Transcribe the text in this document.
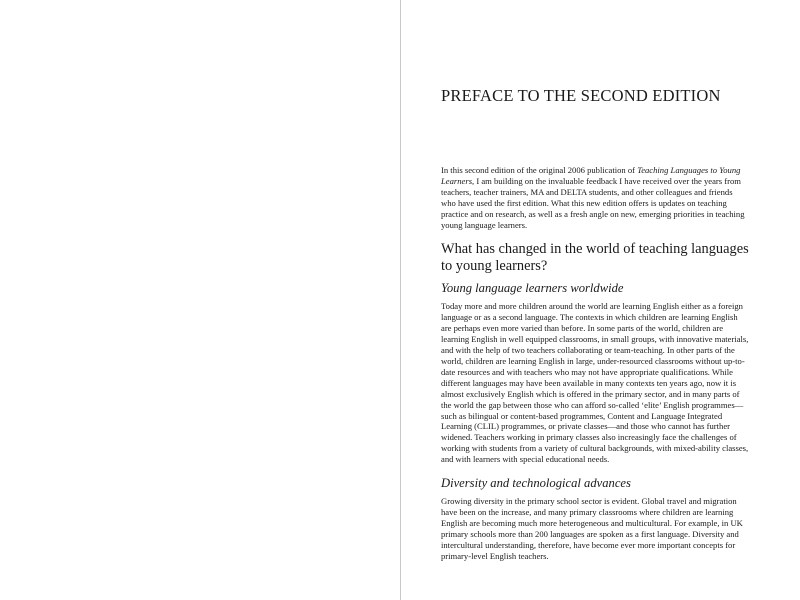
PREFACE TO THE SECOND EDITION

In this second edition of the original 2006 publication of Teaching Languages to Young Learners, I am building on the invaluable feedback I have received over the years from teachers, teacher trainers, MA and DELTA students, and other colleagues and friends who have used the first edition. What this new edition offers is updates on teaching practice and on research, as well as a fresh angle on new, emerging priorities in teaching young language learners.

What has changed in the world of teaching languages to young learners?
Young language learners worldwide

Today more and more children around the world are learning English either as a foreign language or as a second language. The contexts in which children are learning English are perhaps even more varied than before. In some parts of the world, children are learning English in well equipped classrooms, in small groups, with innovative materials, and with the help of two teachers collaborating or team-teaching. In other parts of the world, children are learning English in large, under-resourced classrooms without up-to-date resources and with teachers who may not have appropriate qualifications. While different languages may have been available in many contexts ten years ago, now it is almost exclusively English which is offered in the primary sector, and in many parts of the world the gap between those who can afford so-called ‘elite’ English programmes—such as bilingual or content-based programmes, Content and Language Integrated Learning (CLIL) programmes, or private classes—and those who cannot has further widened. Teachers working in primary classes also increasingly face the challenges of working with students from a variety of cultural backgrounds, with mixed-ability classes, and with learners with special educational needs.

Diversity and technological advances

Growing diversity in the primary school sector is evident. Global travel and migration have been on the increase, and many primary classrooms where children are learning English are becoming much more heterogeneous and multicultural. For example, in UK primary schools more than 200 languages are spoken as a first language. Diversity and intercultural understanding, therefore, have become ever more important concepts for primary-level English teachers.
